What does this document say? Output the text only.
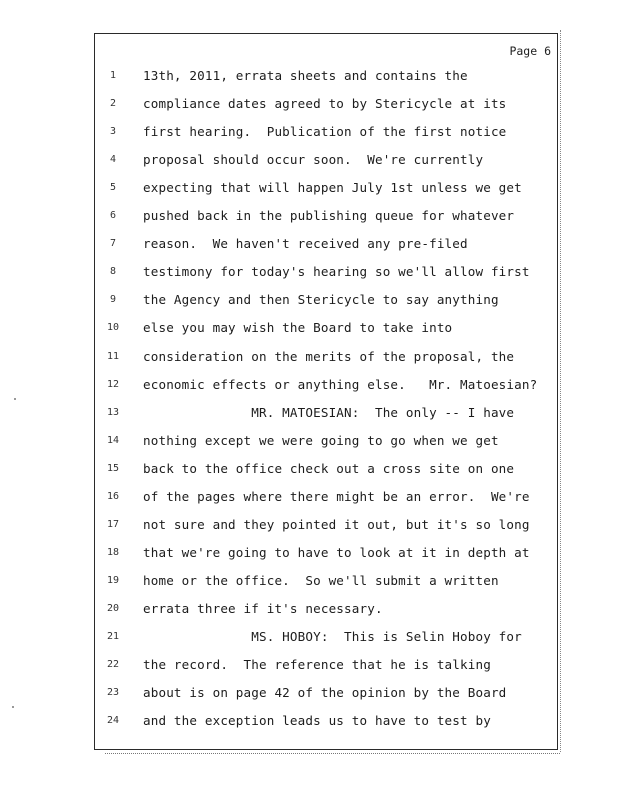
Page 6
1	13th, 2011, errata sheets and contains the
2	compliance dates agreed to by Stericycle at its
3	first hearing.  Publication of the first notice
4	proposal should occur soon.  We're currently
5	expecting that will happen July 1st unless we get
6	pushed back in the publishing queue for whatever
7	reason.  We haven't received any pre-filed
8	testimony for today's hearing so we'll allow first
9	the Agency and then Stericycle to say anything
10	else you may wish the Board to take into
11	consideration on the merits of the proposal, the
12	economic effects or anything else.   Mr. Matoesian?
13	MR. MATOESIAN:  The only -- I have
14	nothing except we were going to go when we get
15	back to the office check out a cross site on one
16	of the pages where there might be an error.  We're
17	not sure and they pointed it out, but it's so long
18	that we're going to have to look at it in depth at
19	home or the office.  So we'll submit a written
20	errata three if it's necessary.
21	MS. HOBOY:  This is Selin Hoboy for
22	the record.  The reference that he is talking
23	about is on page 42 of the opinion by the Board
24	and the exception leads us to have to test by
